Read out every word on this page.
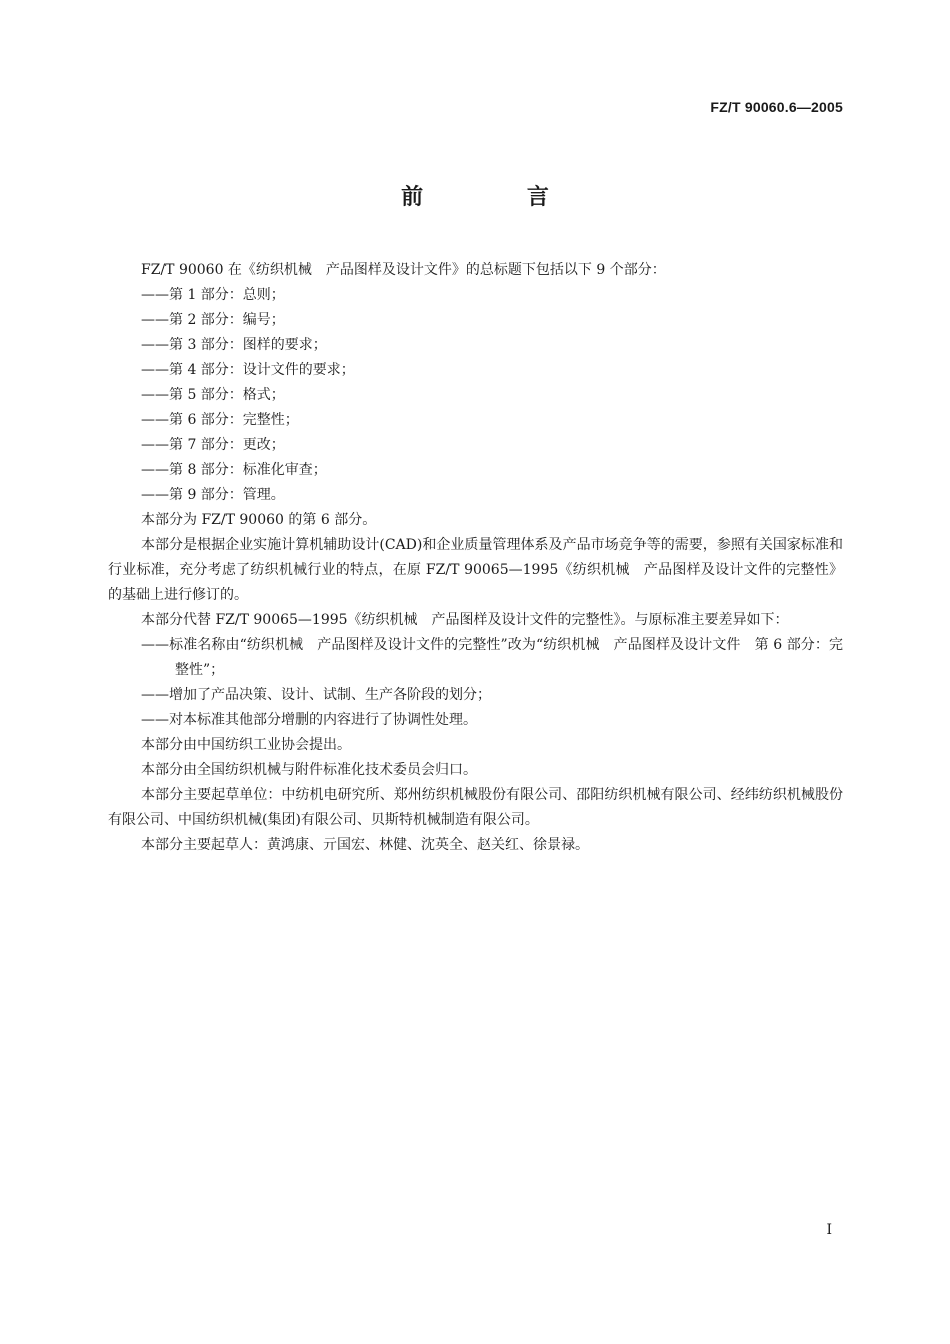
FZ/T 90060.6—2005
前 言

FZ/T 90060 在《纺织机械　产品图样及设计文件》的总标题下包括以下 9 个部分：

——第 1 部分：总则；

——第 2 部分：编号；

——第 3 部分：图样的要求；

——第 4 部分：设计文件的要求；

——第 5 部分：格式；

——第 6 部分：完整性；

——第 7 部分：更改；

——第 8 部分：标准化审查；

——第 9 部分：管理。

本部分为 FZ/T 90060 的第 6 部分。

本部分是根据企业实施计算机辅助设计(CAD)和企业质量管理体系及产品市场竞争等的需要，参照有关国家标准和行业标准，充分考虑了纺织机械行业的特点，在原 FZ/T 90065—1995《纺织机械　产品图样及设计文件的完整性》的基础上进行修订的。

本部分代替 FZ/T 90065—1995《纺织机械　产品图样及设计文件的完整性》。与原标准主要差异如下：

——标准名称由“纺织机械　产品图样及设计文件的完整性”改为“纺织机械　产品图样及设计文件　第 6 部分：完整性”；

——增加了产品决策、设计、试制、生产各阶段的划分；

——对本标准其他部分增删的内容进行了协调性处理。

本部分由中国纺织工业协会提出。

本部分由全国纺织机械与附件标准化技术委员会归口。

本部分主要起草单位：中纺机电研究所、郑州纺织机械股份有限公司、邵阳纺织机械有限公司、经纬纺织机械股份有限公司、中国纺织机械(集团)有限公司、贝斯特机械制造有限公司。

本部分主要起草人：黄鸿康、亓国宏、林健、沈英全、赵关红、徐景禄。

I
